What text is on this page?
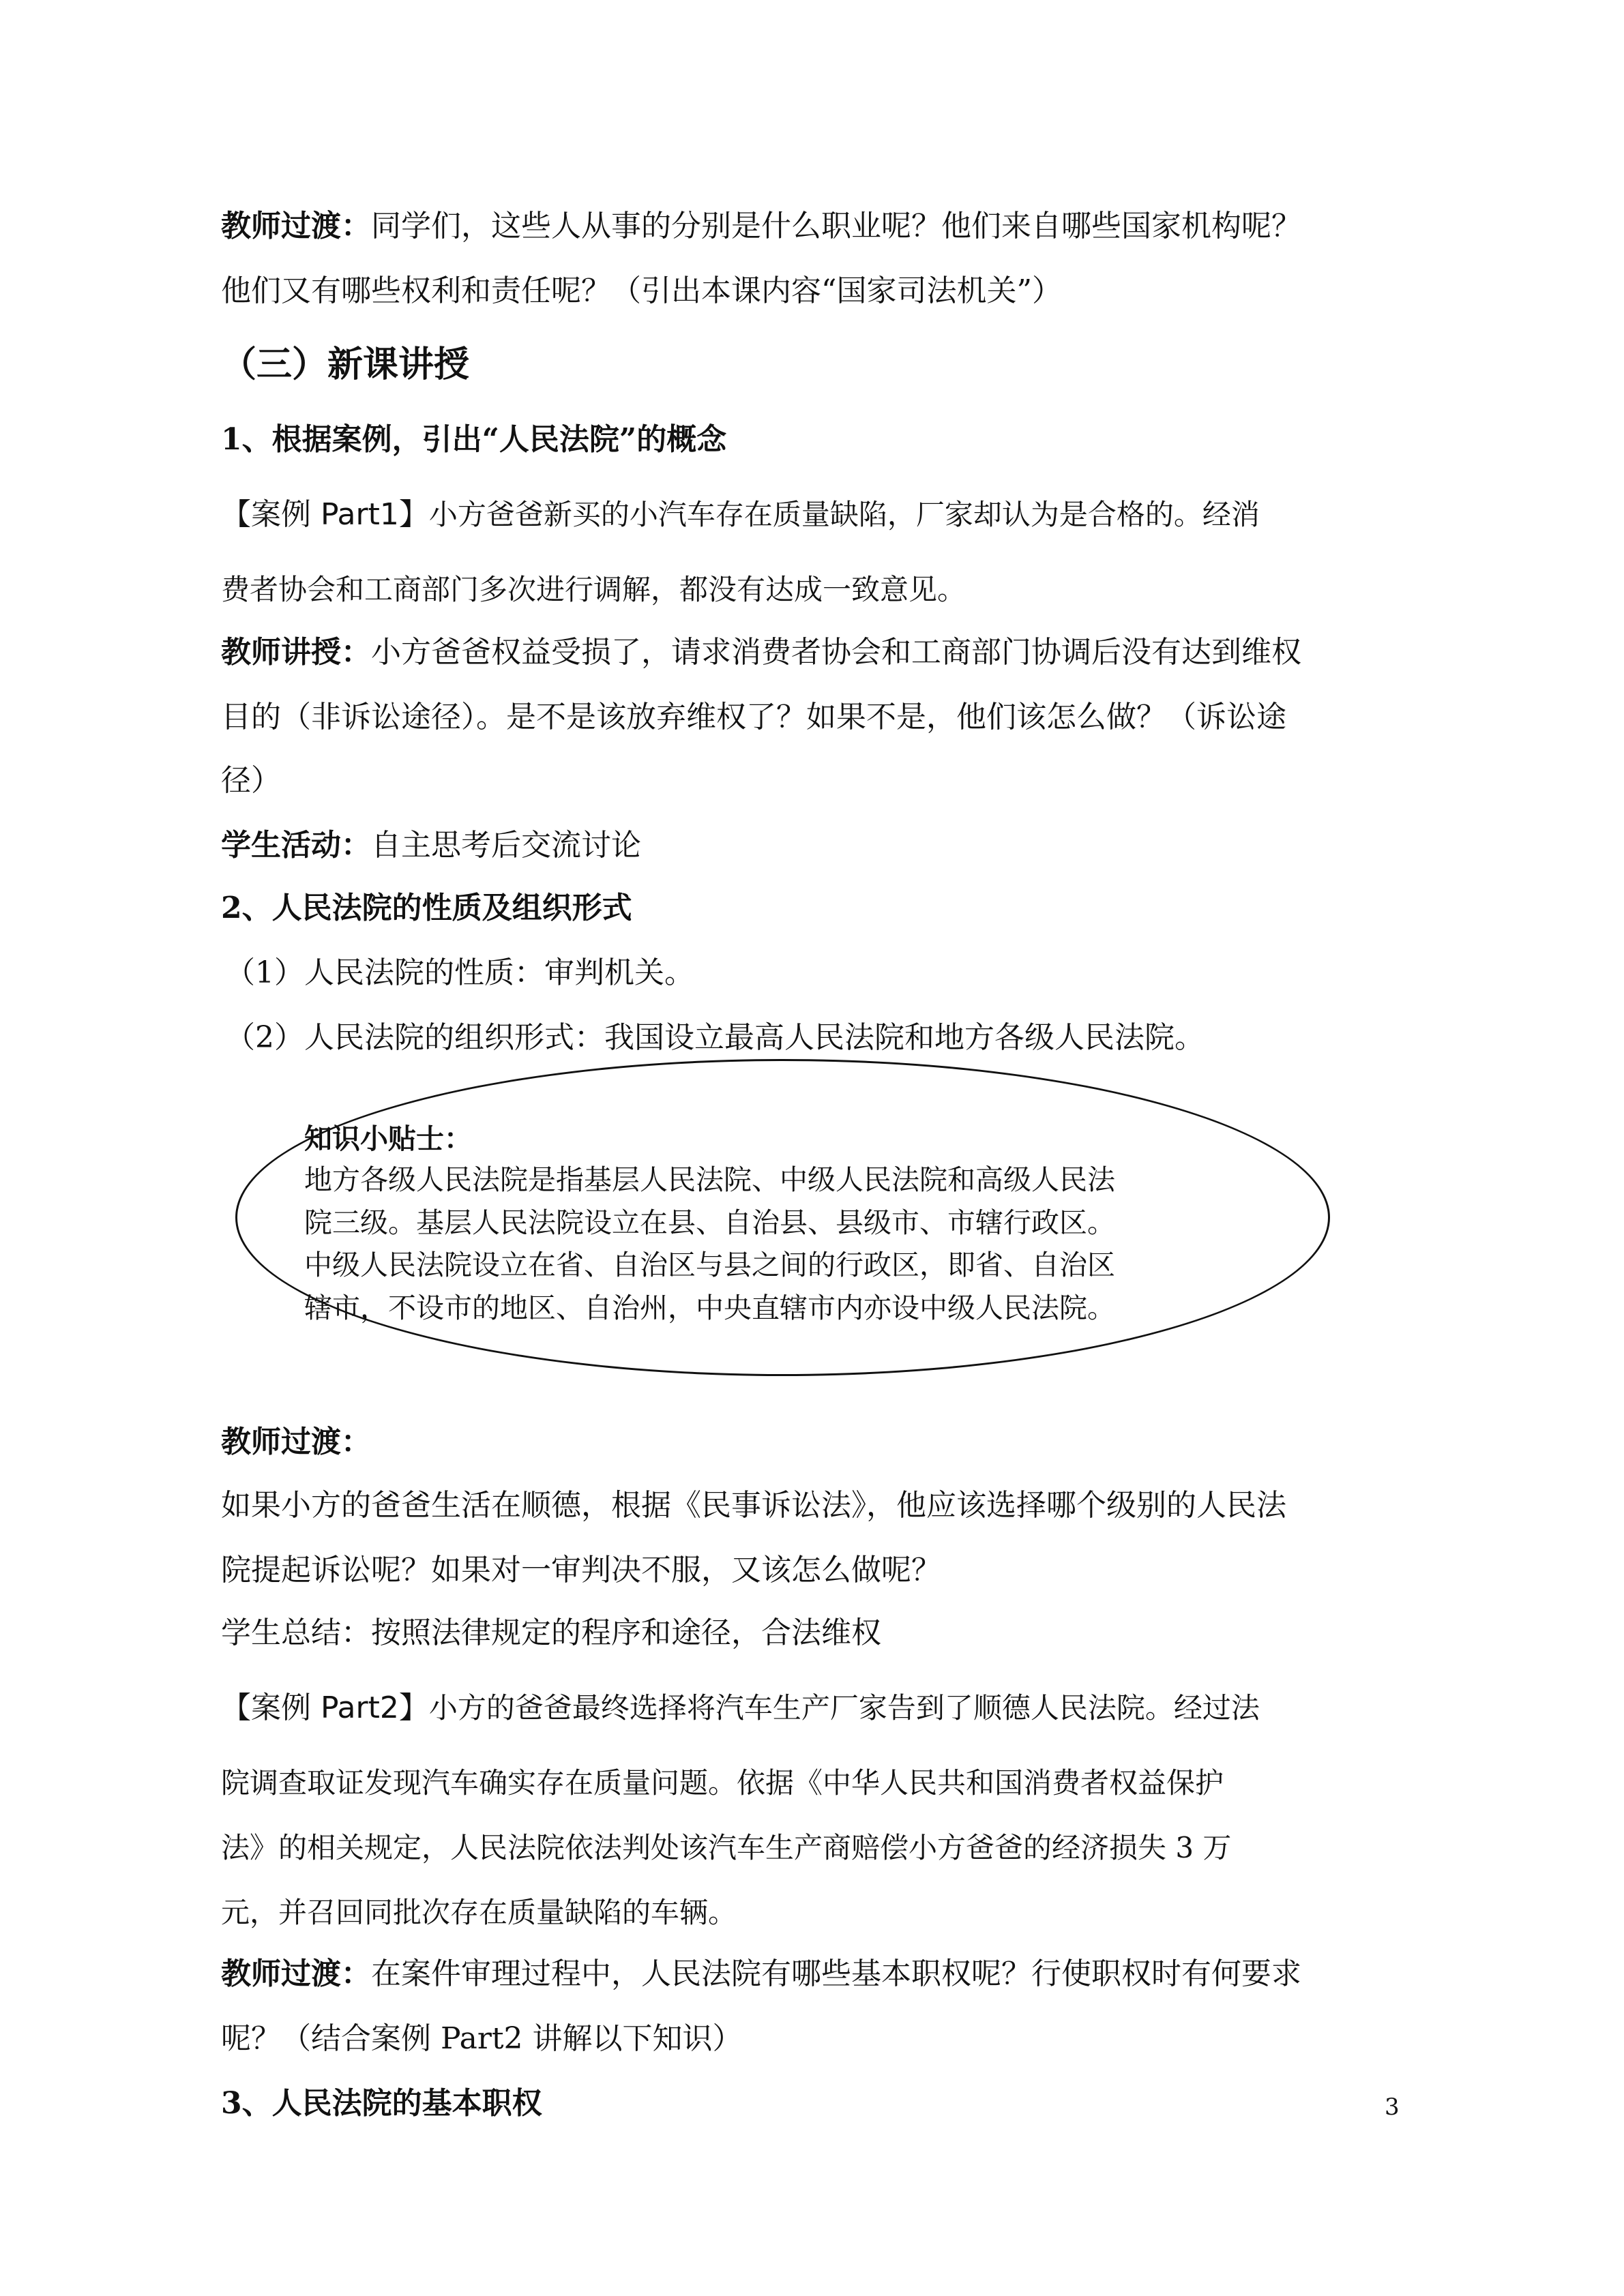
教师过渡：同学们，这些人从事的分别是什么职业呢？他们来自哪些国家机构呢？

他们又有哪些权利和责任呢？（引出本课内容“国家司法机关”）

（三）新课讲授

1、根据案例，引出“人民法院”的概念

【案例 Part1】小方爸爸新买的小汽车存在质量缺陷，厂家却认为是合格的。经消

费者协会和工商部门多次进行调解，都没有达成一致意见。

教师讲授：小方爸爸权益受损了，请求消费者协会和工商部门协调后没有达到维权

目的（非诉讼途径）。是不是该放弃维权了？如果不是，他们该怎么做？（诉讼途

径）

学生活动：自主思考后交流讨论

2、人民法院的性质及组织形式

（1）人民法院的性质：审判机关。

（2）人民法院的组织形式：我国设立最高人民法院和地方各级人民法院。

知识小贴士：

地方各级人民法院是指基层人民法院、中级人民法院和高级人民法

院三级。基层人民法院设立在县、自治县、县级市、市辖行政区。

中级人民法院设立在省、自治区与县之间的行政区，即省、自治区

辖市，不设市的地区、自治州，中央直辖市内亦设中级人民法院。

教师过渡：

如果小方的爸爸生活在顺德，根据《民事诉讼法》，他应该选择哪个级别的人民法

院提起诉讼呢？如果对一审判决不服，又该怎么做呢？

学生总结：按照法律规定的程序和途径，合法维权

【案例 Part2】小方的爸爸最终选择将汽车生产厂家告到了顺德人民法院。经过法

院调查取证发现汽车确实存在质量问题。依据《中华人民共和国消费者权益保护

法》的相关规定，人民法院依法判处该汽车生产商赔偿小方爸爸的经济损失 3 万

元，并召回同批次存在质量缺陷的车辆。

教师过渡：在案件审理过程中，人民法院有哪些基本职权呢？行使职权时有何要求

呢？（结合案例 Part2 讲解以下知识）

3、人民法院的基本职权	3
